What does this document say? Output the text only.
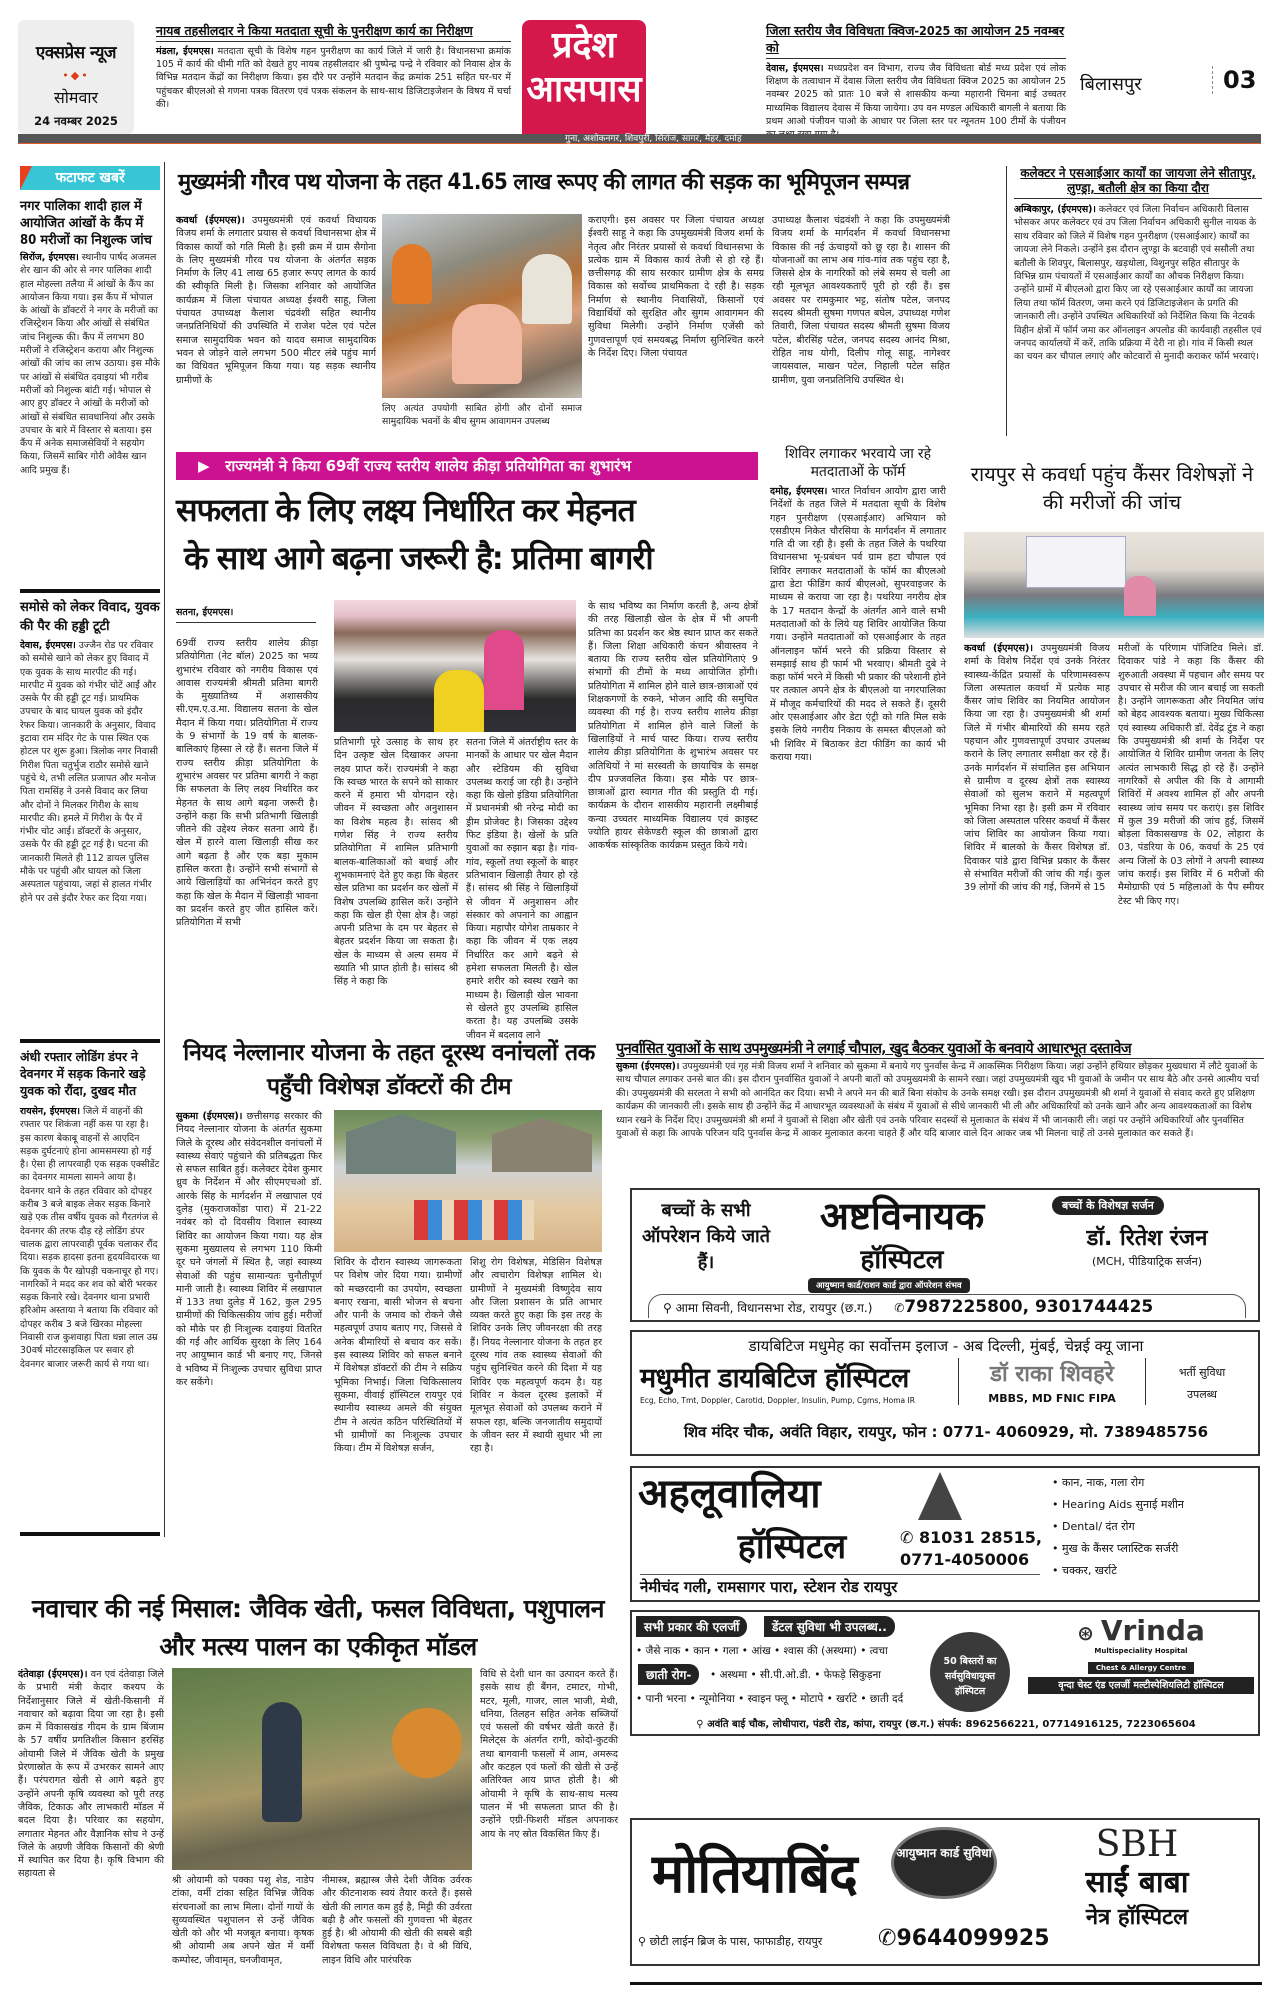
एक्सप्रेस न्यूज
•◆•
सोमवार
24 नवम्बर 2025
नायब तहसीलदार ने किया मतदाता सूची के पुनरीक्षण कार्य का निरीक्षण
मंडला, ईएमएस। मतदाता सूची के विशेष गहन पुनरीक्षण का कार्य जिले में जारी है। विधानसभा क्रमांक 105 में कार्य की धीमी गति को देखते हुए नायब तहसीलदार श्री पुष्पेन्द्र पन्द्रे ने रविवार को निवास क्षेत्र के विभिन्न मतदान केंद्रों का निरीक्षण किया। इस दौरे पर उन्होंने मतदान केंद्र क्रमांक 251 सहित घर-घर में पहुंचकर बीएलओ से गणना पत्रक वितरण एवं पत्रक संकलन के साथ-साथ डिजिटाइजेशन के विषय में चर्चा की।
प्रदेश
आसपास
जिला स्तरीय जैव विविधता क्विज-2025 का आयोजन 25 नवम्बर को
देवास, ईएमएस। मध्यप्रदेश वन विभाग, राज्य जैव विविधता बोर्ड मध्य प्रदेश एवं लोक शिक्षण के तत्वाधान में देवास जिला स्तरीय जैव विविधता क्विज 2025 का आयोजन 25 नवम्बर 2025 को प्रातः 10 बजे से शासकीय कन्या महारानी चिमना बाई उच्चतर माध्यमिक विद्यालय देवास में किया जायेगा। उप वन मण्डल अधिकारी बागली ने बताया कि प्रथम आओ पंजीयन पाओ के आधार पर जिला स्तर पर न्यूनतम 100 टीमों के पंजीयन
बिलासपुर	03
गुना, अशोकनगर, शिवपुरी, सिरोंज, सागर, मैहर, दमोह
फटाफट खबरें
नगर पालिका शादी हाल में आयोजित आंखों के कैंप में 80 मरीजों का निशुल्क जांच
सिरोंज, ईएमएस। स्थानीय पार्षद अजमल शेर खान की ओर से नगर पालिका शादी हाल मोहल्ला तलैया में आंखों के कैंप का आयोजन किया गया। इस कैंप में भोपाल के आंखों के डॉक्टरों ने नगर के मरीजों का रजिस्ट्रेशन किया और आंखों से संबंधित जांच निशुल्क की। कैंप में लगभग 80 मरीजों ने रजिस्ट्रेशन कराया और निशुल्क आंखों की जांच का लाभ उठाया। इस मौके पर आंखों से संबंधित दवाइयां भी गरीब मरीजों को निशुल्क बांटी गई। भोपाल से आए हुए डॉक्टर ने आंखों के मरीजों को आंखों से संबंधित सावधानियां और उसके उपचार के बारे में विस्तार से बताया। इस कैंप में अनेक समाजसेवियों ने सहयोग किया, जिसमें साबिर गोरी ओवैस खान आदि प्रमुख हैं।
समोसे को लेकर विवाद, युवक की पैर की हड्डी टूटी
देवास, ईएमएस। उज्जैन रोड पर रविवार को समोसे खाने को लेकर हुए विवाद में एक युवक के साथ मारपीट की गई। मारपीट में युवक को गंभीर चोटें आईं और उसके पैर की हड्डी टूट गई। प्राथमिक उपचार के बाद घायल युवक को इंदौर रेफर किया। जानकारी के अनुसार, विवाद इटावा राम मंदिर गेट के पास स्थित एक होटल पर शुरू हुआ। त्रिलोक नगर निवासी गिरीश पिता चतुर्भुज राठौर समोसे खाने पहुंचे थे, तभी ललित प्रजापत और मनोज पिता रामसिंह ने उनसे विवाद कर लिया और दोनों ने मिलकर गिरीश के साथ मारपीट की। हमले में गिरीश के पैर में गंभीर चोट आई। डॉक्टरों के अनुसार, उसके पैर की हड्डी टूट गई है। घटना की जानकारी मिलते ही 112 डायल पुलिस मौके पर पहुंची और घायल को जिला अस्पताल पहुंचाया, जहां से हालत गंभीर होने पर उसे इंदौर रेफर कर दिया गया।
अंधी रफ्तार लोडिंग डंपर ने देवनगर में सड़क किनारे खड़े युवक को रौंदा, दुखद मौत
रायसेन, ईएमएस। जिले में वाहनों की रफ्तार पर शिकंजा नहीं कस पा रहा है। इस कारण बेकाबू वाहनों से आएदिन सड़क दुर्घटनाएं होना आमसमस्या हो गई है। ऐसा ही लापरवाही एक सड़क एक्सीडेंट का देवनगर मामला सामने आया है। देवनगर थाने के तहत रविवार को दोपहर करीब 3 बजे बाइक लेकर सड़क किनारे खड़े एक तीस वर्षीय युवक को गैरतगंज से देवनगर की तरफ दौड़ रहे लोडिंग डंपर चालक द्वारा लापरवाही पूर्वक चलाकर रौंद दिया। सड़क हादसा इतना हृदयविदारक था कि युवक के पैर खोपड़ी चकनाचूर हो गए। नागरिकों ने मदद कर शव को बोरी भरकर सड़क किनारे रखे। देवनगर थाना प्रभारी हरिओम अस्ताया ने बताया कि रविवार को दोपहर करीब 3 बजे खिरका मोहल्ला निवासी राज कुशवाहा पिता धन्ना लाल उम्र 30वर्ष मोटरसाइकिल पर सवार हो देवनगर बाजार जरूरी कार्य से गया था।
मुख्यमंत्री गौरव पथ योजना के तहत 41.65 लाख रूपए की लागत की सड़क का भूमिपूजन सम्पन्न
कवर्धा (ईएमएस)। उपमुख्यमंत्री एवं कवर्धा विधायक विजय शर्मा के लगातार प्रयास से कवर्धा विधानसभा क्षेत्र में विकास कार्यों को गति मिली है। इसी क्रम में ग्राम सैगोना के लिए मुख्यमंत्री गौरव पथ योजना के अंतर्गत सड़क निर्माण के लिए 41 लाख 65 हजार रूपए लागत के कार्य की स्वीकृति मिली है। जिसका शनिवार को आयोजित कार्यक्रम में जिला पंचायत अध्यक्ष ईश्वरी साहू, जिला पंचायत उपाध्यक्ष कैलाश चंद्रवंशी सहित स्थानीय जनप्रतिनिधियों की उपस्थिति में राजेश पटेल एवं पटेल समाज सामुदायिक भवन को यादव समाज सामुदायिक भवन से जोड़ने वाले लगभग 500 मीटर लंबे पहुंच मार्ग का विधिवत भूमिपूजन किया गया। यह सड़क स्थानीय ग्रामीणों के
लिए अत्यंत उपयोगी साबित होगी और दोनों समाज सामुदायिक भवनों के बीच सुगम आवागमन उपलब्ध
कराएगी। इस अवसर पर जिला पंचायत अध्यक्ष ईश्वरी साहू ने कहा कि उपमुख्यमंत्री विजय शर्मा के नेतृत्व और निरंतर प्रयासों से कवर्धा विधानसभा के प्रत्येक ग्राम में विकास कार्य तेजी से हो रहे हैं। छत्तीसगढ़ की साय सरकार ग्रामीण क्षेत्र के समग्र विकास को सर्वोच्च प्राथमिकता दे रही है। सड़क निर्माण से स्थानीय निवासियों, किसानों एवं विद्यार्थियों को सुरक्षित और सुगम आवागमन की सुविधा मिलेगी। उन्होंने निर्माण एजेंसी को गुणवत्तापूर्ण एवं समयबद्ध निर्माण सुनिश्चित करने के निर्देश दिए। जिला पंचायत
उपाध्यक्ष कैलाश चंद्रवंशी ने कहा कि उपमुख्यमंत्री विजय शर्मा के मार्गदर्शन में कवर्धा विधानसभा विकास की नई ऊंचाइयों को छू रहा है। शासन की योजनाओं का लाभ अब गांव-गांव तक पहुंच रहा है, जिससे क्षेत्र के नागरिकों को लंबे समय से चली आ रही मूलभूत आवश्यकताएँ पूरी हो रही हैं। इस अवसर पर रामकुमार भट्ट, संतोष पटेल, जनपद सदस्य श्रीमती सुषमा गणपत बघेल, उपाध्यक्ष गणेश तिवारी, जिला पंचायत सदस्य श्रीमती सुषमा विजय पटेल, बीरसिंह पटेल, जनपद सदस्य आनंद मिश्रा, रोहित नाथ योगी, दिलीप गोलू साहू, नागेश्वर जायसवाल, माखन पटेल, निहाली पटेल सहित ग्रामीण, युवा जनप्रतिनिधि उपस्थित थे।
कलेक्टर ने एसआईआर कार्यों का जायजा लेने सीतापुर, लुण्ड्रा, बतौली क्षेत्र का किया दौरा
अम्बिकापुर, (ईएमएस)। कलेक्टर एवं जिला निर्वाचन अधिकारी विलास भोसकर अपर कलेक्टर एवं उप जिला निर्वाचन अधिकारी सुनील नायक के साथ रविवार को जिले में विशेष गहन पुनरीक्षण (एसआईआर) कार्यों का जायजा लेने निकले। उन्होंने इस दौरान लुण्ड्रा के बटवाही एवं ससौली तथा बतौली के शिवपुर, बिलासपुर, खड़धोला, विशुनपुर सहित सीतापुर के विभिन्न ग्राम पंचायतों में एसआईआर कार्यों का औचक निरीक्षण किया। उन्होंने ग्रामों में बीएलओ द्वारा किए जा रहे एसआईआर कार्यों का जायजा लिया तथा फॉर्म वितरण, जमा करने एवं डिजिटाइजेशन के प्रगति की जानकारी ली। उन्होंने उपस्थित अधिकारियों को निर्देशित किया कि नेटवर्क विहीन क्षेत्रों में फॉर्म जमा कर ऑनलाइन अपलोड की कार्यवाही तहसील एवं जनपद कार्यालयों में करें, ताकि प्रक्रिया में देरी ना हो। गांव में किसी स्थल का चयन कर चौपाल लगाएं और कोटवारों से मुनादी कराकर फॉर्म भरवाएं।
▶   राज्यमंत्री ने किया 69वीं राज्य स्तरीय शालेय क्रीड़ा प्रतियोगिता का शुभारंभ
सफलता के लिए लक्ष्य निर्धारित कर मेहनत
के साथ आगे बढ़ना जरूरी है: प्रतिमा बागरी
सतना, ईएमएस।
69वीं राज्य स्तरीय शालेय क्रीड़ा प्रतियोगिता (नेट बॉल) 2025 का भव्य शुभारंभ रविवार को नगरीय विकास एवं आवास राज्यमंत्री श्रीमती प्रतिमा बागरी के मुख्यातिथ्य में अशासकीय सी.एम.ए.उ.मा. विद्यालय सतना के खेल मैदान में किया गया। प्रतियोगिता में राज्य के 9 संभागों के 19 वर्ष के बालक-बालिकाएं हिस्सा ले रहे हैं। सतना जिले में राज्य स्तरीय क्रीड़ा प्रतियोगिता के शुभारंभ अवसर पर प्रतिमा बागरी ने कहा कि सफलता के लिए लक्ष्य निर्धारित कर मेहनत के साथ आगे बढ़ना जरूरी है। उन्होंने कहा कि सभी प्रतिभागी खिलाड़ी जीतने की उद्देश्य लेकर सतना आये हैं। खेल में हारने वाला खिलाड़ी सीख कर आगे बढ़ता है और एक बड़ा मुकाम हासिल करता है। उन्होंने सभी संभागों से आये खिलाड़ियों का अभिनंदन करते हुए कहा कि खेल के मैदान में खिलाड़ी भावना का प्रदर्शन करते हुए जीत हासिल करें। प्रतियोगिता में सभी
प्रतिभागी पूरे उत्साह के साथ हर दिन उत्कृष्ट खेल दिखाकर अपना लक्ष्य प्राप्त करें। राज्यमंत्री ने कहा कि स्वच्छ भारत के सपने को साकार करने में हमारा भी योगदान रहे। जीवन में स्वच्छता और अनुशासन का विशेष महत्व है। सांसद श्री गणेश सिंह ने राज्य स्तरीय प्रतियोगिता में शामिल प्रतिभागी बालक-बालिकाओं को बधाई और शुभकामनाएं देते हुए कहा कि बेहतर खेल प्रतिभा का प्रदर्शन कर खेलों में विशेष उपलब्धि हासिल करें। उन्होंने कहा कि खेल ही ऐसा क्षेत्र है। जहां अपनी प्रतिभा के दम पर बेहतर से बेहतर प्रदर्शन किया जा सकता है। खेल के माध्यम से अल्प समय में ख्याति भी प्राप्त होती है। सांसद श्री सिंह ने कहा कि
सतना जिले में अंतर्राष्ट्रीय स्तर के मानकों के आधार पर खेल मैदान और स्टेडियम की सुविधा उपलब्ध कराई जा रही है। उन्होंने कहा कि खेलो इंडिया प्रतियोगिता में प्रधानमंत्री श्री नरेन्द्र मोदी का ड्रीम प्रोजेक्ट है। जिसका उद्देश्य फिट इंडिया है। खेलों के प्रति युवाओं का रुझान बढ़ा है। गांव-गांव, स्कूलों तथा स्कूलों के बाहर प्रतिभावान खिलाड़ी तैयार हो रहे हैं। सांसद श्री सिंह ने खिलाड़ियों से जीवन में अनुशासन और संस्कार को अपनाने का आह्वान किया। महापौर योगेश ताम्रकार ने कहा कि जीवन में एक लक्ष्य निर्धारित कर आगे बढ़ने से हमेशा सफलता मिलती है। खेल हमारे शरीर को स्वस्थ रखने का माध्यम है। खिलाड़ी खेल भावना से खेलते हुए उपलब्धि हासिल करता है। यह उपलब्धि उसके जीवन में बदलाव लाने
के साथ भविष्य का निर्माण करती है, अन्य क्षेत्रों की तरह खिलाड़ी खेल के क्षेत्र में भी अपनी प्रतिभा का प्रदर्शन कर श्रेष्ठ स्थान प्राप्त कर सकते हैं। जिला शिक्षा अधिकारी कंचन श्रीवास्तव ने बताया कि राज्य स्तरीय खेल प्रतियोगिताएं 9 संभागों की टीमों के मध्य आयोजित होंगी। प्रतियोगिता में शामिल होने वाले छात्र-छात्राओं एवं शिक्षकगणों के रुकने, भोजन आदि की समुचित व्यवस्था की गई है। राज्य स्तरीय शालेय क्रीड़ा प्रतियोगिता में शामिल होने वाले जिलों के खिलाड़ियों ने मार्च पास्ट किया। राज्य स्तरीय शालेय क्रीड़ा प्रतियोगिता के शुभारंभ अवसर पर अतिथियों ने मां सरस्वती के छायाचित्र के समक्ष दीप प्रज्जवलित किया। इस मौके पर छात्र-छात्राओं द्वारा स्वागत गीत की प्रस्तुति दी गई। कार्यक्रम के दौरान शासकीय महारानी लक्ष्मीबाई कन्या उच्चतर माध्यमिक विद्यालय एवं क्राइस्ट ज्योति हायर सेकेण्डरी स्कूल की छात्राओं द्वारा आकर्षक सांस्कृतिक कार्यक्रम प्रस्तुत किये गये।
शिविर लगाकर भरवाये जा रहे मतदाताओं के फॉर्म
दमोह, ईएमएस। भारत निर्वाचन आयोग द्वारा जारी निर्देशों के तहत जिले में मतदाता सूची के विशेष गहन पुनरीक्षण (एसआईआर) अभियान को एसडीएम निकेत चौरसिया के मार्गदर्शन में लगातार गति दी जा रही है। इसी के तहत जिले के पथरिया विधानसभा भू-प्रबंधन पर्व ग्राम हटा चौपाल एवं शिविर लगाकर मतदाताओं के फॉर्म का बीएलओ द्वारा डेटा फीडिंग कार्य बीएलओ, सुपरवाइजर के माध्यम से कराया जा रहा है। पथरिया नगरीय क्षेत्र के 17 मतदान केन्द्रों के अंतर्गत आने वाले सभी मतदाताओं को के लिये यह शिविर आयोजित किया गया। उन्होंने मतदाताओं को एसआईआर के तहत ऑनलाइन फॉर्म भरने की प्रक्रिया विस्तार से समझाई साथ ही फार्म भी भरवाए। श्रीमती दुबे ने कहा फॉर्म भरने में किसी भी प्रकार की परेशानी होने पर तत्काल अपने क्षेत्र के बीएलओ या नगरपालिका में मौजूद कर्मचारियों की मदद ले सकते हैं। दूसरी ओर एसआईआर और डेटा एंट्री को गति मिल सके इसके लिये नगरीय निकाय के समस्त बीएलओ को भी शिविर में बिठाकर डेटा फीडिंग का कार्य भी कराया गया।
रायपुर से कवर्धा पहुंच कैंसर विशेषज्ञों ने की मरीजों की जांच
कवर्धा (ईएमएस)। उपमुख्यमंत्री विजय शर्मा के विशेष निर्देश एवं उनके निरंतर स्वास्थ्य-केंद्रित प्रयासों के परिणामस्वरूप जिला अस्पताल कवर्धा में प्रत्येक माह कैंसर जांच शिविर का नियमित आयोजन किया जा रहा है। उपमुख्यमंत्री श्री शर्मा जिले में गंभीर बीमारियों की समय रहते पहचान और गुणवत्तापूर्ण उपचार उपलब्ध कराने के लिए लगातार समीक्षा कर रहे हैं। उनके मार्गदर्शन में संचालित इस अभियान से ग्रामीण व दूरस्थ क्षेत्रों तक स्वास्थ्य सेवाओं को सुलभ कराने में महत्वपूर्ण भूमिका निभा रहा है। इसी क्रम में रविवार को जिला अस्पताल परिसर कवर्धा में कैंसर जांच शिविर का आयोजन किया गया। शिविर में बालको के कैंसर विशेषज्ञ डॉ. दिवाकर पांडे द्वारा विभिन्न प्रकार के कैंसर से संभावित मरीजों की जांच की गई। कुल 39 लोगों की जांच की गई, जिनमें से 15
मरीजों के परिणाम पॉजिटिव मिले। डॉ. दिवाकर पांडे ने कहा कि कैंसर की शुरुआती अवस्था में पहचान और समय पर उपचार से मरीज की जान बचाई जा सकती है। उन्होंने जागरूकता और नियमित जांच को बेहद आवश्यक बताया। मुख्य चिकित्सा एवं स्वास्थ्य अधिकारी डॉ. देवेंद्र टुंड ने कहा कि उपमुख्यमंत्री श्री शर्मा के निर्देश पर आयोजित ये शिविर ग्रामीण जनता के लिए अत्यंत लाभकारी सिद्ध हो रहे हैं। उन्होंने नागरिकों से अपील की कि वे आगामी शिविरों में अवश्य शामिल हों और अपनी स्वास्थ्य जांच समय पर कराएं। इस शिविर में कुल 39 मरीजों की जांच हुई, जिसमें बोड़ला विकासखण्ड के 02, लोहारा के 03, पंडरिया के 06, कवर्धा के 25 एवं अन्य जिलों के 03 लोगों ने अपनी स्वास्थ्य जांच कराई। इस शिविर में 6 मरीजों की मैमोग्राफी एवं 5 महिलाओं के पैप स्मीयर टेस्ट भी किए गए।
नियद नेल्लानार योजना के तहत दूरस्थ वनांचलों तक पहुँची विशेषज्ञ डॉक्टरों की टीम
सुकमा (ईएमएस)। छत्तीसगढ़ सरकार की नियद नेल्लानार योजना के अंतर्गत सुकमा जिले के दूरस्थ और संवेदनशील वनांचलों में स्वास्थ्य सेवाएं पहुंचाने की प्रतिबद्धता फिर से सफल साबित हुई। कलेक्टर देवेश कुमार ध्रुव के निर्देशन में और सीएमएचओ डॉ. आरके सिंह के मार्गदर्शन में लखापाल एवं दुलेड़ (मुकराजकोंडा पारा) में 21-22 नवंबर को दो दिवसीय विशाल स्वास्थ्य शिविर का आयोजन किया गया। यह क्षेत्र सुकमा मुख्यालय से लगभग 110 किमी दूर घने जंगलों में स्थित है, जहां स्वास्थ्य सेवाओं की पहुंच सामान्यतः चुनौतीपूर्ण मानी जाती है। स्वास्थ्य शिविर में लखापाल में 133 तथा दुलेड़ में 162, कुल 295 ग्रामीणों की चिकित्सकीय जांच हुई। मरीजों को मौके पर ही निःशुल्क दवाइयां वितरित की गईं और आर्थिक सुरक्षा के लिए 164 नए आयुष्मान कार्ड भी बनाए गए, जिनसे वे भविष्य में निःशुल्क उपचार सुविधा प्राप्त कर सकेंगे।
शिविर के दौरान स्वास्थ्य जागरूकता पर विशेष जोर दिया गया। ग्रामीणों को मच्छरदानी का उपयोग, स्वच्छता बनाए रखना, बासी भोजन से बचना और पानी के जमाव को रोकने जैसे महत्वपूर्ण उपाय बताए गए, जिससे वे अनेक बीमारियों से बचाव कर सकें। इस स्वास्थ्य शिविर को सफल बनाने में विशेषज्ञ डॉक्टरों की टीम ने सक्रिय भूमिका निभाई। जिला चिकित्सालय सुकमा, वीवाई हॉस्पिटल रायपुर एवं स्थानीय स्वास्थ्य अमले की संयुक्त टीम ने अत्यंत कठिन परिस्थितियों में भी ग्रामीणों का निःशुल्क उपचार किया। टीम में विशेषज्ञ सर्जन,
शिशु रोग विशेषज्ञ, मेडिसिन विशेषज्ञ और त्वचारोग विशेषज्ञ शामिल थे। ग्रामीणों ने मुख्यमंत्री विष्णुदेव साय और जिला प्रशासन के प्रति आभार व्यक्त करते हुए कहा कि इस तरह के शिविर उनके लिए जीवनरक्षा की तरह हैं। नियद नेल्लानार योजना के तहत हर दूरस्थ गांव तक स्वास्थ्य सेवाओं की पहुंच सुनिश्चित करने की दिशा में यह शिविर एक महत्वपूर्ण कदम है। यह शिविर न केवल दूरस्थ इलाकों में मूलभूत सेवाओं को उपलब्ध कराने में सफल रहा, बल्कि जनजातीय समुदायों के जीवन स्तर में स्थायी सुधार भी ला रहा है।
पुनर्वासित युवाओं के साथ उपमुख्यमंत्री ने लगाई चौपाल, खुद बैठकर युवाओं के बनवाये आधारभूत दस्तावेज
सुकमा (ईएमएस)। उपमुख्यमंत्री एवं गृह मंत्री विजय शर्मा ने शनिवार को सुकमा में बनाये गए पुनर्वास केन्द्र में आकस्मिक निरीक्षण किया। जहां उन्होंने हथियार छोड़कर मुख्यधारा में लौटे युवाओं के साथ चौपाल लगाकर उनसे बात की। इस दौरान पुनर्वासित युवाओं ने अपनी बातों को उपमुख्यमंत्री के सामने रखा। जहां उपमुख्यमंत्री खुद भी युवाओं के जमीन पर साथ बैठे और उनसे आत्मीय चर्चा की। उपमुख्यमंत्री की सरलता ने सभी को आनंदित कर दिया। सभी ने अपने मन की बातें बिना संकोच के उनके समक्ष रखी। इस दौरान उपमुख्यमंत्री श्री शर्मा ने युवाओं से संवाद करते हुए प्रशिक्षण कार्यक्रम की जानकारी ली। इसके साथ ही उन्होंने केंद्र में आधारभूत व्यवस्थाओं के संबंध में युवाओं से सीधे जानकारी भी ली और अधिकारियों को उनके खाने और अन्य आवश्यकताओं का विशेष ध्यान रखने के निर्देश दिए। उपमुख्यमंत्री श्री शर्मा ने युवाओं से शिक्षा और खेती एवं उनके परिवार सदस्यों से मुलाकात के संबंध में भी जानकारी ली। जहां पर उन्होंने अधिकारियों और पुनर्वासित युवाओं से कहा कि आपके परिजन यदि पुनर्वास केन्द्र में आकर मुलाकात करना चाहते हैं और यदि बाजार वाले दिन आकर जब भी मिलना चाहें तो उनसे मुलाकात कर सकते हैं।
बच्चों के सभी ऑपरेशन किये जाते हैं।
अष्टविनायक
हॉस्पिटल
आयुष्मान कार्ड/राशन कार्ड द्वारा ऑपरेशन संभव
बच्चों के विशेषज्ञ सर्जन
डॉ. रितेश रंजन
(MCH, पीडियाट्रिक सर्जन)
⚲ आमा सिवनी, विधानसभा रोड, रायपुर (छ.ग.) ✆7987225800, 9301744425
डायबिटिज मधुमेह का सर्वोत्तम इलाज - अब दिल्ली, मुंबई, चेन्नई क्यू जाना
मधुमीत डायबिटिज हॉस्पिटल
Ecg, Echo, Tmt, Doppler, Carotid, Doppler, Insulin, Pump, Cgms, Homa IR
डॉ राका शिवहरे
MBBS, MD FNIC FIPA
भर्ती सुविधा
उपलब्ध
शिव मंदिर चौक, अवंति विहार, रायपुर, फोन : 0771- 4060929, मो. 7389485756
अहलूवालिया
हॉस्पिटल	✆ 81031 28515,
0771-4050006
• कान, नाक, गला रोग
• Hearing Aids सुनाई मशीन
• Dental/ दंत रोग
• मुख के कैंसर प्लास्टिक सर्जरी
• चक्कर, खर्राटे
नेमीचंद गली, रामसागर पारा, स्टेशन रोड रायपुर
सभी प्रकार की एलर्जी	डेंटल सुविधा भी उपलब्ध..
• जैसे नाक • कान • गला • आंख • श्वास की (अस्थमा) • त्वचा
छाती रोग-	• अस्थमा • सी.पी.ओ.डी. • फेफड़े सिकुड़ना
• पानी भरना • न्यूमोनिया • स्वाइन फ्लू • मोटापे • खर्राटे • छाती दर्द
50 बिस्तरों का सर्वसुविधायुक्त हॉस्पिटल
⊛ Vrinda
Multispeciality Hospital
Chest & Allergy Centre
वृन्दा चेस्ट एंड एलर्जी मल्टीस्पेशियलिटी हॉस्पिटल
⚲ अवंति बाई चौक, लोधीपारा, पंडरी रोड, कांपा, रायपुर (छ.ग.) संपर्क: 8962566221, 07714916125, 7223065604
मोतियाबिंद	आयुष्मान कार्ड सुविधा
⚲ छोटी लाईन ब्रिज के पास, फाफाडीह, रायपुर	✆9644099925
SBH
साईं बाबा
नेत्र हॉस्पिटल
नवाचार की नई मिसाल: जैविक खेती, फसल विविधता, पशुपालन और मत्स्य पालन का एकीकृत मॉडल
दंतेवाड़ा (ईएमएस)। वन एवं दंतेवाड़ा जिले के प्रभारी मंत्री केदार कश्यप के निर्देशानुसार जिले में खेती-किसानी में नवाचार को बढ़ावा दिया जा रहा है। इसी क्रम में विकासखंड गीदम के ग्राम बिंजाम के 57 वर्षीय प्रगतिशील किसान हरसिंह ओयामी जिले में जैविक खेती के प्रमुख प्रेरणास्रोत के रूप में उभरकर सामने आए हैं। परंपरागत खेती से आगे बढ़ते हुए उन्होंने अपनी कृषि व्यवस्था को पूरी तरह जैविक, टिकाऊ और लाभकारी मॉडल में बदल दिया है। परिवार का सहयोग, लगातार मेहनत और वैज्ञानिक सोच ने उन्हें जिले के अग्रणी जैविक किसानों की श्रेणी में स्थापित कर दिया है। कृषि विभाग की सहायता से
श्री ओयामी को पक्का पशु शेड, नाडेप टांका, वर्मी टांका सहित विभिन्न जैविक संरचनाओं का लाभ मिला। दोनों गायों के सुव्यवस्थित पशुपालन से उन्हें जैविक खेती को और भी मजबूत बनाया। कृषक श्री ओयामी अब अपने खेत में वर्मी कम्पोस्ट, जीवामृत, घनजीवामृत,
नीमास्त्र, ब्रह्मास्त्र जैसे देशी जैविक उर्वरक और कीटनाशक स्वयं तैयार करते हैं। इससे खेती की लागत कम हुई है, मिट्टी की उर्वरता बढ़ी है और फसलों की गुणवत्ता भी बेहतर हुई है। श्री ओयामी की खेती की सबसे बड़ी विशेषता फसल विविधता है। वे श्री विधि, लाइन विधि और पारंपरिक
विधि से देशी धान का उत्पादन करते हैं। इसके साथ ही बैंगन, टमाटर, गोभी, मटर, मूली, गाजर, लाल भाजी, मेथी, धनिया, तिलहन सहित अनेक सब्जियों एवं फसलों की वर्षभर खेती करते हैं। मिलेट्स के अंतर्गत रागी, कोदो-कुटकी तथा बागवानी फसलों में आम, अमरूद और कटहल एवं फलों की खेती से उन्हें अतिरिक्त आय प्राप्त होती है। श्री ओयामी ने कृषि के साथ-साथ मत्स्य पालन में भी सफलता प्राप्त की है। उन्होंने एग्री-फिशरी मॉडल अपनाकर आय के नए स्रोत विकसित किए हैं।
